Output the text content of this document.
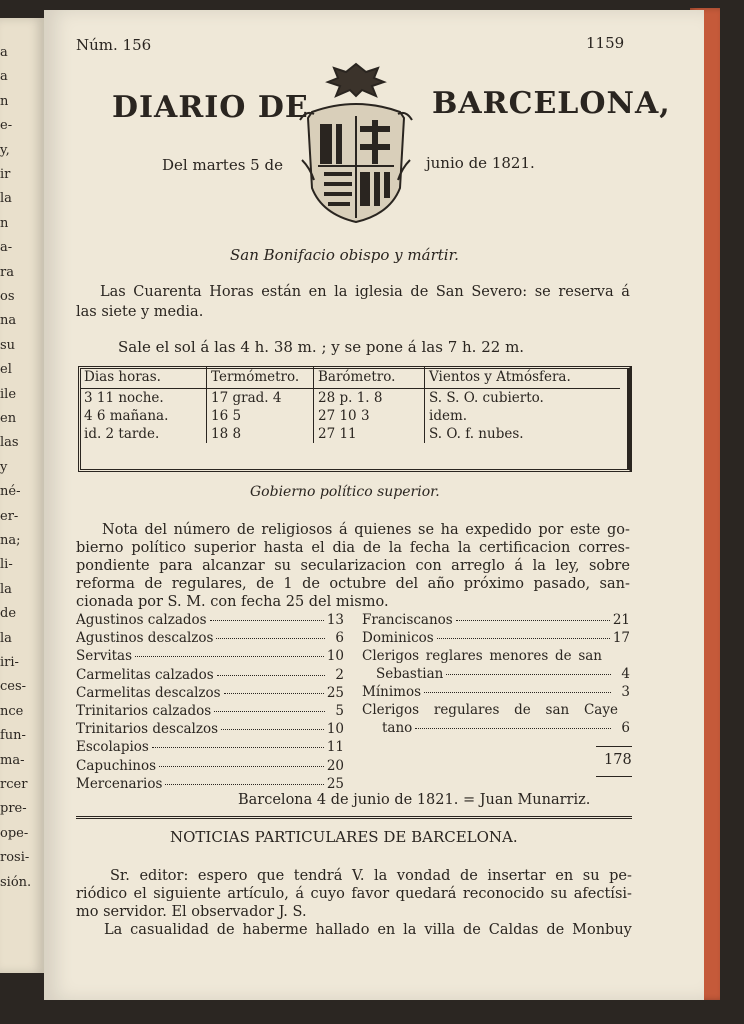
a
a
n
e-
y,
ir
la
n
a-
ra
os
na
su
el
ile
en
las
y
né-
er-
na;
li-
la
de
la
iri-
ces-
nce
fun-
ma-
rcer
pre-
ope-
rosi-
sión.
Núm. 156	1159
DIARIO DE	BARCELONA,
Del martes 5 de	junio de 1821.
San Bonifacio obispo y mártir.
Las Cuarenta Horas están en la iglesia de San Severo: se reserva á
las siete y media.
Sale el sol á las 4 h. 38 m. ; y se pone á las 7 h. 22 m.
Dias horas.	Termómetro.	Barómetro.	Vientos y Atmósfera.
3 11 noche.	17 grad. 4	28 p. 1. 8	S. S. O. cubierto.
4 6 mañana.	16 5	27 10 3	idem.
id. 2 tarde.	18 8	27 11	S. O. f. nubes.
Gobierno político superior.
Nota del número de religiosos á quienes se ha expedido por este go-
bierno político superior hasta el dia de la fecha la certificacion corres-
pondiente para alcanzar su secularizacion con arreglo á la ley, sobre
reforma de regulares, de 1 de octubre del año próximo pasado, san-
cionada por S. M. con fecha 25 del mismo.
Agustinos calzados	13
Agustinos descalzos	6
Servitas	10
Carmelitas calzados	2
Carmelitas descalzos	25
Trinitarios calzados	5
Trinitarios descalzos	10
Escolapios	11
Capuchinos	20
Mercenarios	25
Franciscanos	21
Dominicos	17
Clerigos reglares menores de san
Sebastian	4
Mínimos	3
Clerigos regulares de san Caye
tano	6
178
Barcelona 4 de junio de 1821. = Juan Munarriz.
NOTICIAS PARTICULARES DE BARCELONA.
Sr. editor: espero que tendrá V. la vondad de insertar en su pe-
riódico el siguiente artículo, á cuyo favor quedará reconocido su afectísi-
mo servidor. El observador J. S.
La casualidad de haberme hallado en la villa de Caldas de Monbuy
